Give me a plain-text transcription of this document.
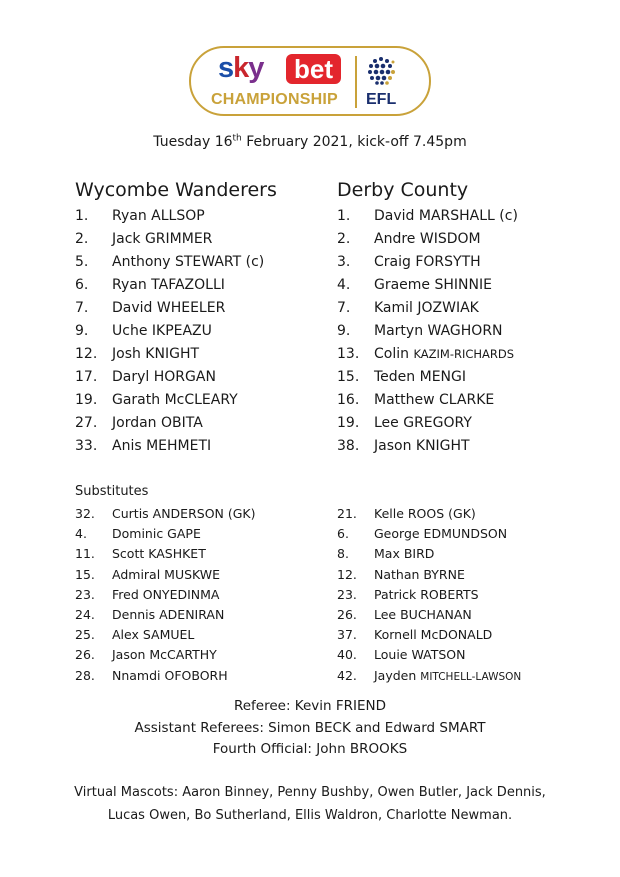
sky	bet
CHAMPIONSHIP EFL
Tuesday 16th February 2021, kick-off 7.45pm
Wycombe Wanderers	Derby County
1. Ryan ALLSOP
2. Jack GRIMMER
5. Anthony STEWART (c)
6. Ryan TAFAZOLLI
7. David WHEELER
9. Uche IKPEAZU
12. Josh KNIGHT
17. Daryl HORGAN
19. Garath McCLEARY
27. Jordan OBITA
33. Anis MEHMETI
1. David MARSHALL (c)
2. Andre WISDOM
3. Craig FORSYTH
4. Graeme SHINNIE
7. Kamil JOZWIAK
9. Martyn WAGHORN
13. Colin KAZIM-RICHARDS
15. Teden MENGI
16. Matthew CLARKE
19. Lee GREGORY
38. Jason KNIGHT
Substitutes
32. Curtis ANDERSON (GK)
4. Dominic GAPE
11. Scott KASHKET
15. Admiral MUSKWE
23. Fred ONYEDINMA
24. Dennis ADENIRAN
25. Alex SAMUEL
26. Jason McCARTHY
28. Nnamdi OFOBORH
21. Kelle ROOS (GK)
6. George EDMUNDSON
8. Max BIRD
12. Nathan BYRNE
23. Patrick ROBERTS
26. Lee BUCHANAN
37. Kornell McDONALD
40. Louie WATSON
42. Jayden MITCHELL-LAWSON
Referee: Kevin FRIEND
Assistant Referees: Simon BECK and Edward SMART
Fourth Official: John BROOKS
Virtual Mascots: Aaron Binney, Penny Bushby, Owen Butler, Jack Dennis, Lucas Owen, Bo Sutherland, Ellis Waldron, Charlotte Newman.
